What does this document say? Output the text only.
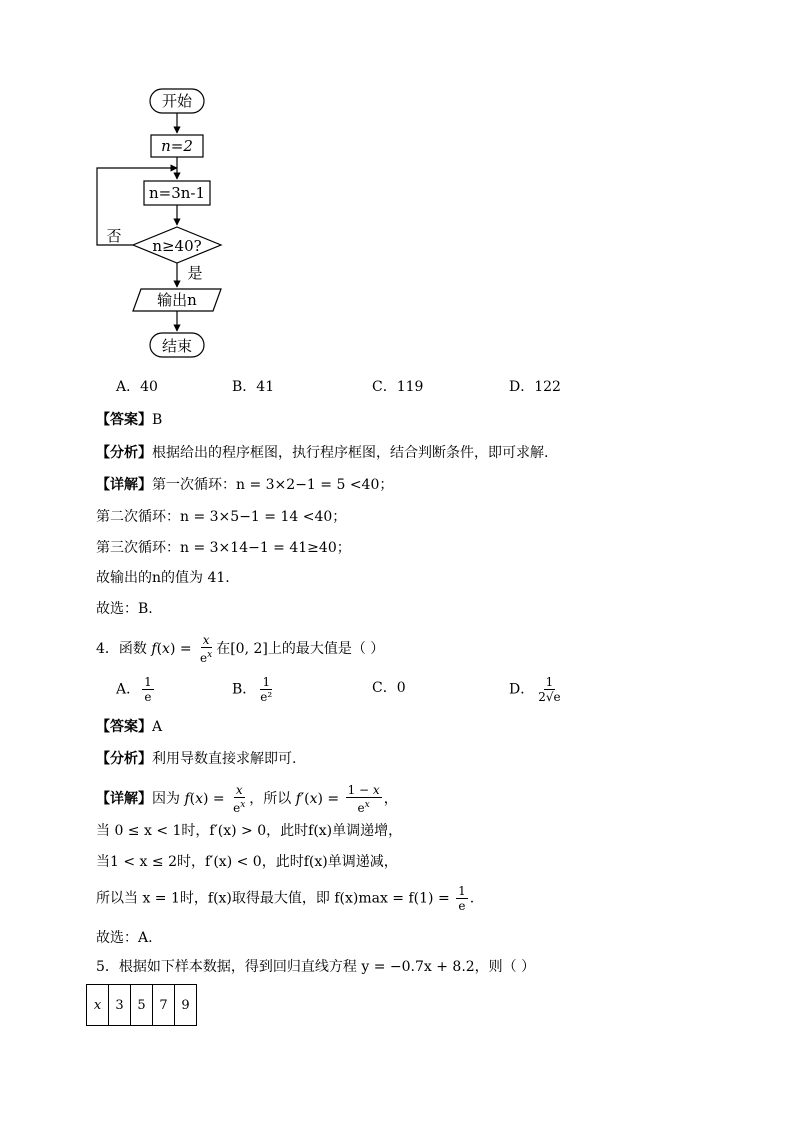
开始
n=2
n=3n-1
n≥40?
否
是
输出n
结束
A．40	B．41	C．119	D．122
【答案】B
【分析】根据给出的程序框图，执行程序框图，结合判断条件，即可求解.
【详解】第一次循环：n = 3×2−1 = 5 <40；
第二次循环：n = 3×5−1 = 14 <40；
第三次循环：n = 3×14−1 = 41≥40；
故输出的n的值为 41.
故选：B.
4．函数 $f(x) = \frac{x}{e^x}$ 在[0, 2]上的最大值是（ ）
A． $\frac{1}{e}$	B． $\frac{1}{\text{e²}}$	C．0	D． $\frac{1}{2√e}$
【答案】A
【分析】利用导数直接求解即可.
【详解】因为 $f(x) = \frac{x}{e^x}$ ，所以 $f'(x) = \frac{1 - x}{e^x}$ ，
当 0 ≤ x < 1时，f′(x) > 0，此时f(x)单调递增，
当1 < x ≤ 2时，f′(x) < 0，此时f(x)单调递减，
所以当 x = 1时，f(x)取得最大值，即 $f(x)\max = f(1) = \frac{1}{e}$ .
故选：A.
5．根据如下样本数据，得到回归直线方程 y = −0.7x + 8.2，则（ ）
x	3	5	7	9
